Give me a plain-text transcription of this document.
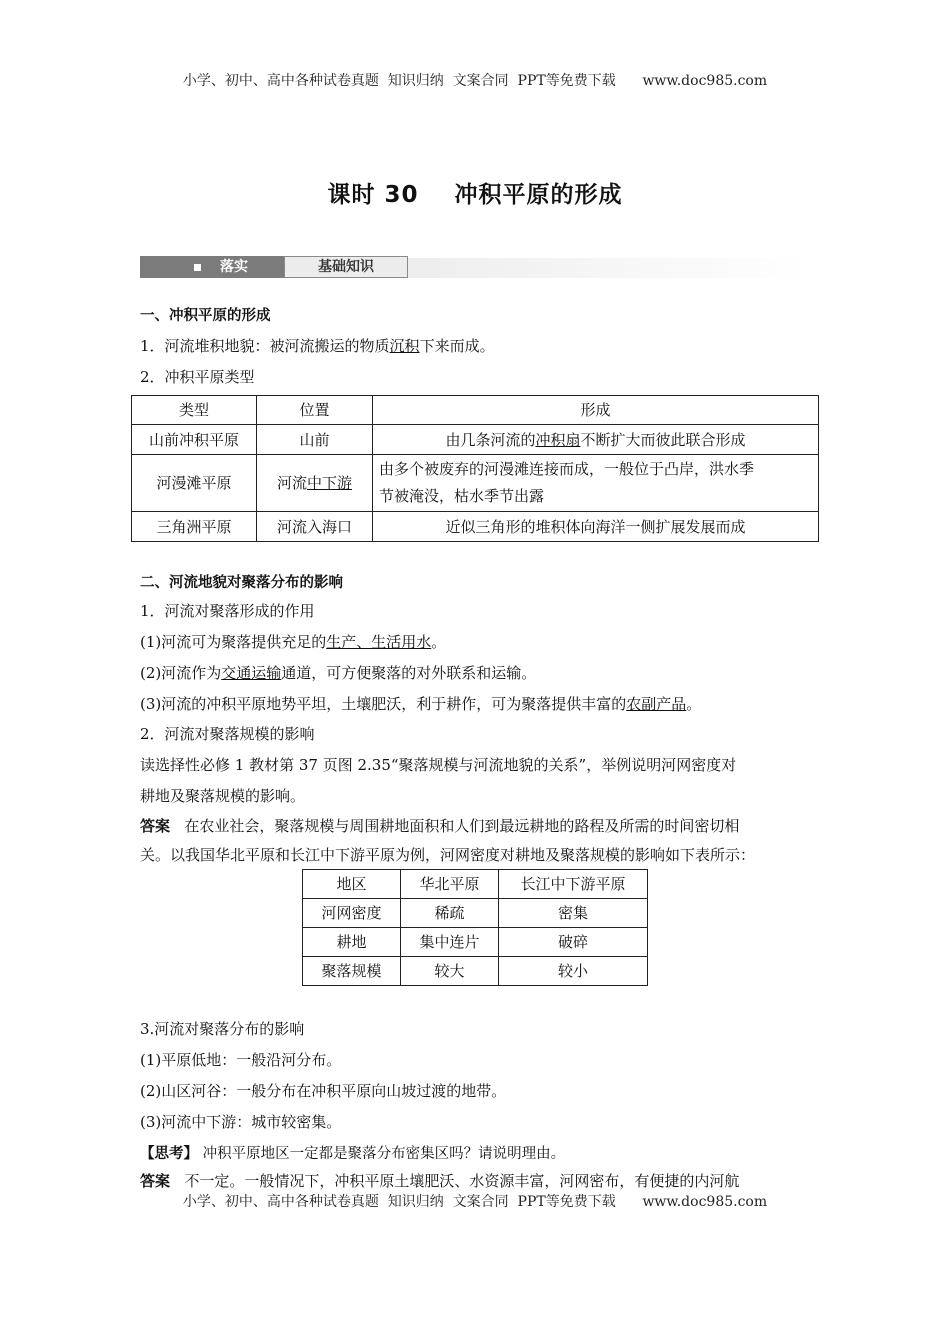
小学、初中、高中各种试卷真题  知识归纳  文案合同  PPT等免费下载      www.doc985.com
课时 30    冲积平原的形成
落实	基础知识
一、冲积平原的形成
1．河流堆积地貌：被河流搬运的物质沉积下来而成。
2．冲积平原类型
类型	位置	形成
山前冲积平原	山前	由几条河流的冲积扇不断扩大而彼此联合形成
河漫滩平原	河流中下游	由多个被废弃的河漫滩连接而成，一般位于凸岸，洪水季
节被淹没，枯水季节出露

三角洲平原	河流入海口	近似三角形的堆积体向海洋一侧扩展发展而成
二、河流地貌对聚落分布的影响
1．河流对聚落形成的作用
(1)河流可为聚落提供充足的生产、生活用水。
(2)河流作为交通运输通道，可方便聚落的对外联系和运输。
(3)河流的冲积平原地势平坦，土壤肥沃，利于耕作，可为聚落提供丰富的农副产品。
2．河流对聚落规模的影响
读选择性必修 1 教材第 37 页图 2.35“聚落规模与河流地貌的关系”，举例说明河网密度对
耕地及聚落规模的影响。
答案 在农业社会，聚落规模与周围耕地面积和人们到最远耕地的路程及所需的时间密切相
关。以我国华北平原和长江中下游平原为例，河网密度对耕地及聚落规模的影响如下表所示：
地区	华北平原	长江中下游平原
河网密度	稀疏	密集
耕地	集中连片	破碎
聚落规模	较大	较小
3.河流对聚落分布的影响
(1)平原低地：一般沿河分布。
(2)山区河谷：一般分布在冲积平原向山坡过渡的地带。
(3)河流中下游：城市较密集。
【思考】 冲积平原地区一定都是聚落分布密集区吗？请说明理由。
答案 不一定。一般情况下，冲积平原土壤肥沃、水资源丰富，河网密布，有便捷的内河航
小学、初中、高中各种试卷真题  知识归纳  文案合同  PPT等免费下载      www.doc985.com
